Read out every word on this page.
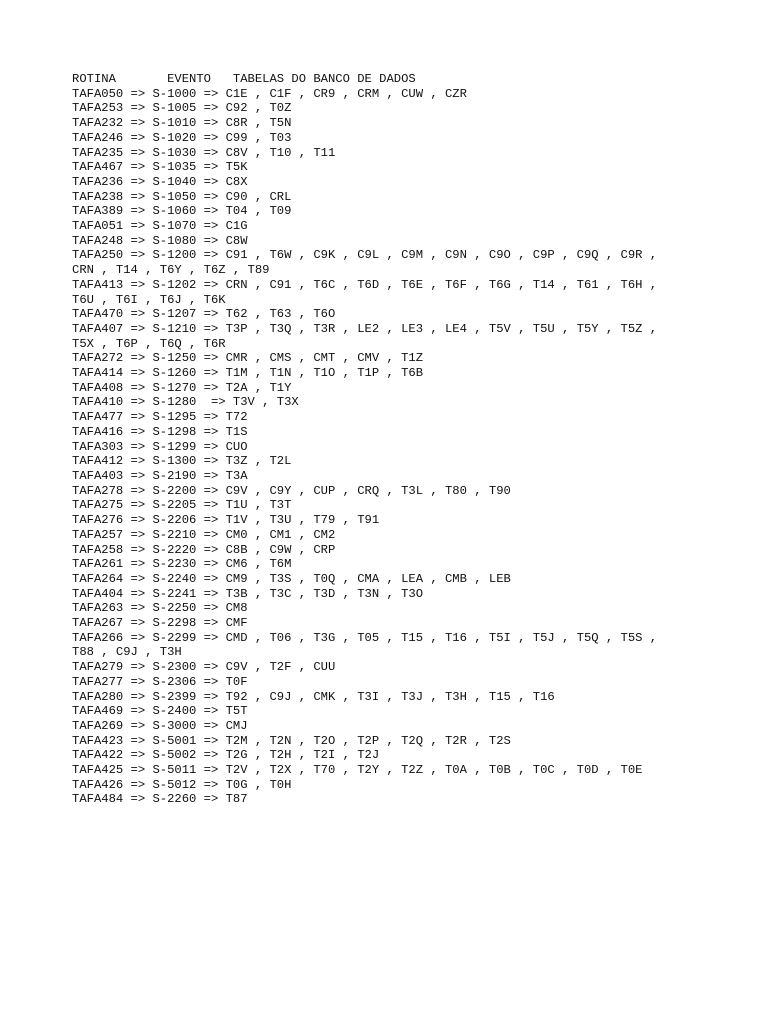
ROTINA       EVENTO   TABELAS DO BANCO DE DADOS

TAFA050 => S-1000 => C1E , C1F , CR9 , CRM , CUW , CZR

TAFA253 => S-1005 => C92 , T0Z

TAFA232 => S-1010 => C8R , T5N

TAFA246 => S-1020 => C99 , T03

TAFA235 => S-1030 => C8V , T10 , T11

TAFA467 => S-1035 => T5K

TAFA236 => S-1040 => C8X

TAFA238 => S-1050 => C90 , CRL

TAFA389 => S-1060 => T04 , T09

TAFA051 => S-1070 => C1G

TAFA248 => S-1080 => C8W

TAFA250 => S-1200 => C91 , T6W , C9K , C9L , C9M , C9N , C9O , C9P , C9Q , C9R ,

CRN , T14 , T6Y , T6Z , T89

TAFA413 => S-1202 => CRN , C91 , T6C , T6D , T6E , T6F , T6G , T14 , T61 , T6H ,

T6U , T6I , T6J , T6K

TAFA470 => S-1207 => T62 , T63 , T6O

TAFA407 => S-1210 => T3P , T3Q , T3R , LE2 , LE3 , LE4 , T5V , T5U , T5Y , T5Z ,

T5X , T6P , T6Q , T6R

TAFA272 => S-1250 => CMR , CMS , CMT , CMV , T1Z

TAFA414 => S-1260 => T1M , T1N , T1O , T1P , T6B

TAFA408 => S-1270 => T2A , T1Y

TAFA410 => S-1280  => T3V , T3X

TAFA477 => S-1295 => T72

TAFA416 => S-1298 => T1S

TAFA303 => S-1299 => CUO

TAFA412 => S-1300 => T3Z , T2L

TAFA403 => S-2190 => T3A

TAFA278 => S-2200 => C9V , C9Y , CUP , CRQ , T3L , T80 , T90

TAFA275 => S-2205 => T1U , T3T

TAFA276 => S-2206 => T1V , T3U , T79 , T91

TAFA257 => S-2210 => CM0 , CM1 , CM2

TAFA258 => S-2220 => C8B , C9W , CRP

TAFA261 => S-2230 => CM6 , T6M

TAFA264 => S-2240 => CM9 , T3S , T0Q , CMA , LEA , CMB , LEB

TAFA404 => S-2241 => T3B , T3C , T3D , T3N , T3O

TAFA263 => S-2250 => CM8

TAFA267 => S-2298 => CMF

TAFA266 => S-2299 => CMD , T06 , T3G , T05 , T15 , T16 , T5I , T5J , T5Q , T5S ,

T88 , C9J , T3H

TAFA279 => S-2300 => C9V , T2F , CUU

TAFA277 => S-2306 => T0F

TAFA280 => S-2399 => T92 , C9J , CMK , T3I , T3J , T3H , T15 , T16

TAFA469 => S-2400 => T5T

TAFA269 => S-3000 => CMJ

TAFA423 => S-5001 => T2M , T2N , T2O , T2P , T2Q , T2R , T2S

TAFA422 => S-5002 => T2G , T2H , T2I , T2J

TAFA425 => S-5011 => T2V , T2X , T70 , T2Y , T2Z , T0A , T0B , T0C , T0D , T0E

TAFA426 => S-5012 => T0G , T0H

TAFA484 => S-2260 => T87
